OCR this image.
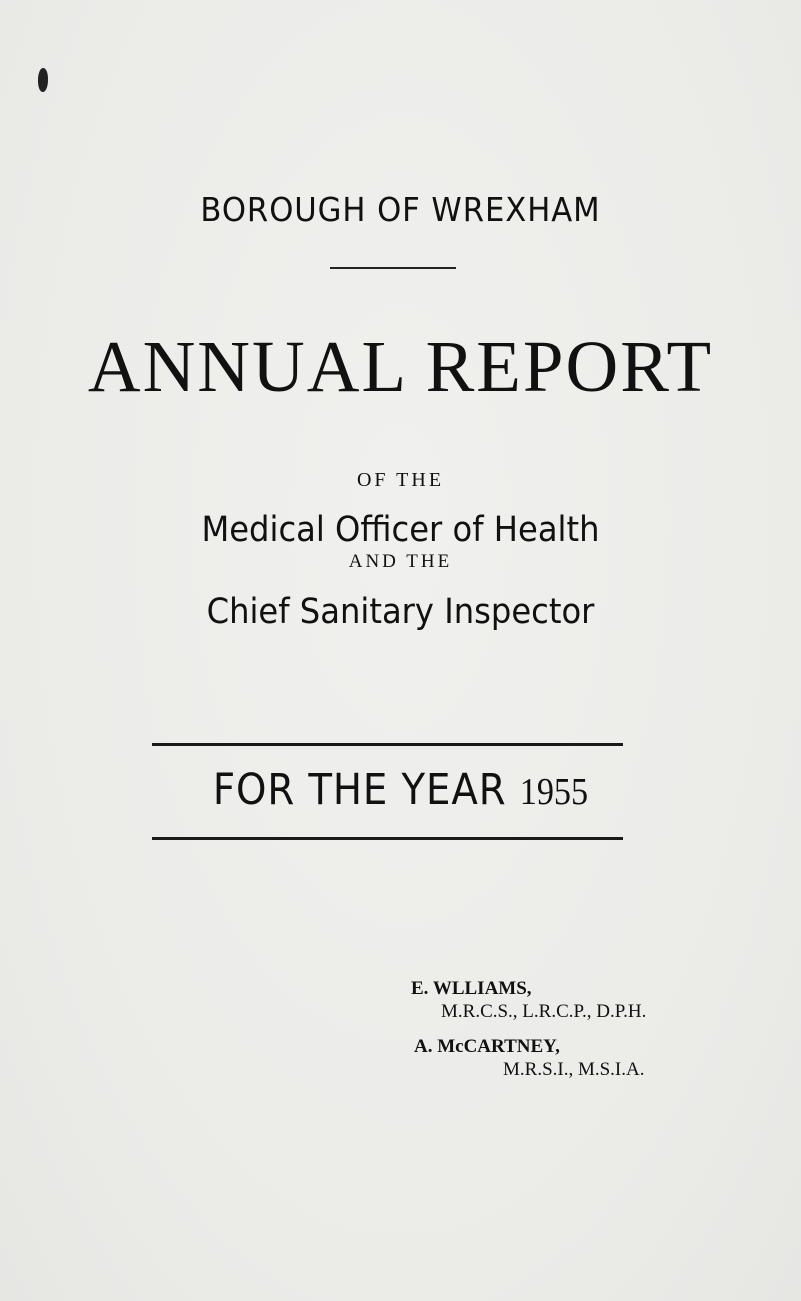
BOROUGH OF WREXHAM
ANNUAL REPORT
OF THE
Medical Officer of Health
AND THE
Chief Sanitary Inspector
FOR THE YEAR 1955
E. WLLIAMS,
M.R.C.S., L.R.C.P., D.P.H.
A. McCARTNEY,
M.R.S.I., M.S.I.A.
